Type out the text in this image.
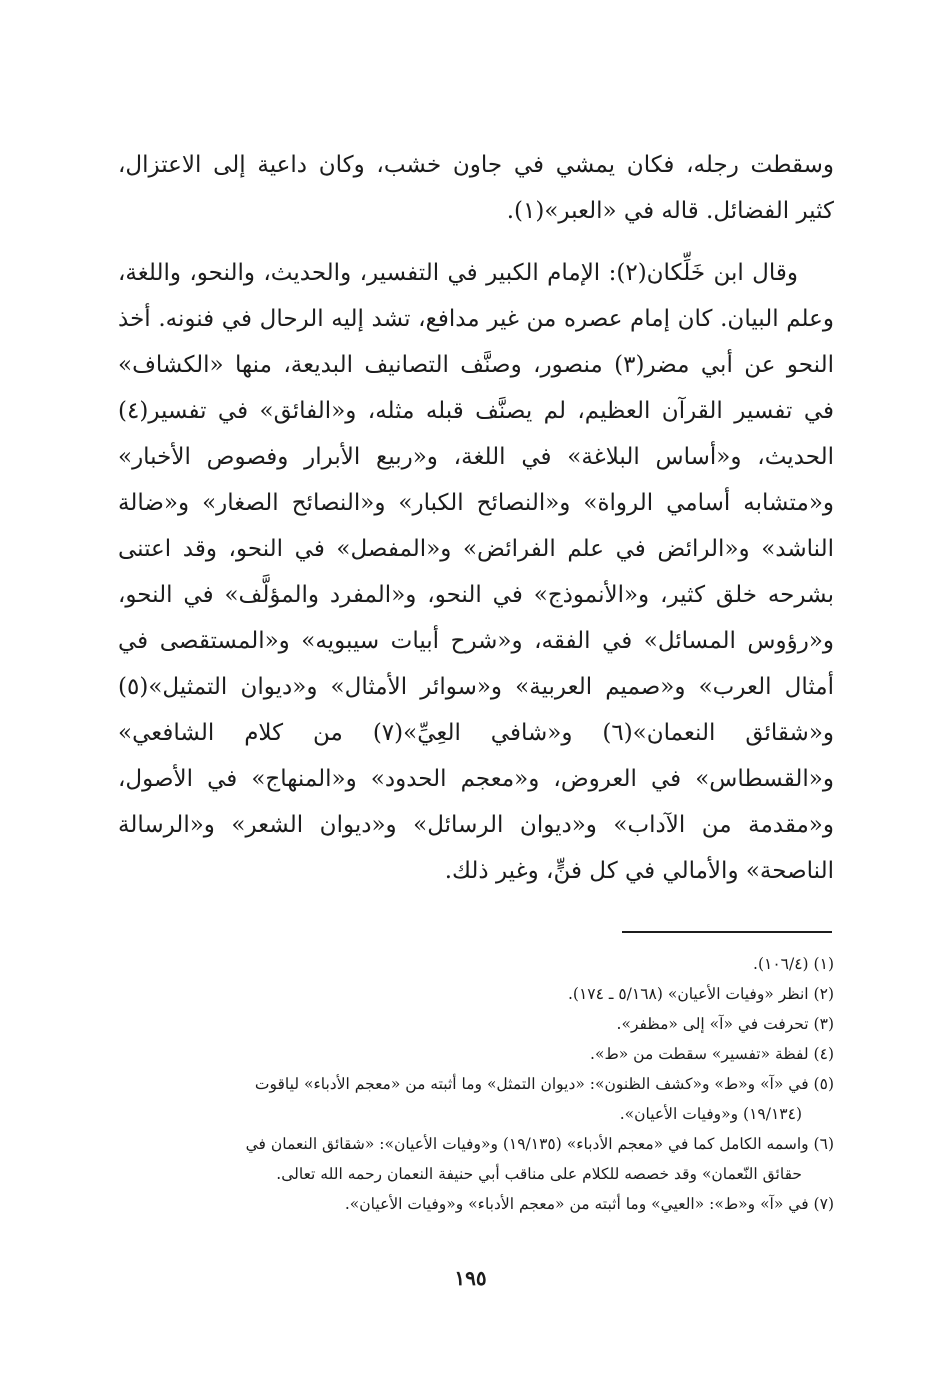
وسقطت رجله، فكان يمشي في جاون خشب، وكان داعية إلى الاعتزال، كثير الفضائل. قاله في «العبر»(١).

وقال ابن خَلِّكان(٢): الإمام الكبير في التفسير، والحديث، والنحو، واللغة، وعلم البيان. كان إمام عصره من غير مدافع، تشد إليه الرحال في فنونه. أخذ النحو عن أبي مضر(٣) منصور، وصنَّف التصانيف البديعة، منها «الكشاف» في تفسير القرآن العظيم، لم يصنَّف قبله مثله، و«الفائق» في تفسير(٤) الحديث، و«أساس البلاغة» في اللغة، و«ربيع الأبرار وفصوص الأخبار» و«متشابه أسامي الرواة» و«النصائح الكبار» و«النصائح الصغار» و«ضالة الناشد» و«الرائض في علم الفرائض» و«المفصل» في النحو، وقد اعتنى بشرحه خلق كثير، و«الأنموذج» في النحو، و«المفرد والمؤلَّف» في النحو، و«رؤوس المسائل» في الفقه، و«شرح أبيات سيبويه» و«المستقصى في أمثال العرب» و«صميم العربية» و«سوائر الأمثال» و«ديوان التمثيل»(٥) و«شقائق النعمان»(٦) و«شافي العِيِّ»(٧) من كلام الشافعي» و«القسطاس» في العروض، و«معجم الحدود» و«المنهاج» في الأصول، و«مقدمة من الآداب» و«ديوان الرسائل» و«ديوان الشعر» و«الرسالة الناصحة» والأمالي في كل فنٍّ، وغير ذلك.

(١) (١٠٦/٤).
(٢) انظر «وفيات الأعيان» (٥/١٦٨ ـ ١٧٤).
(٣) تحرفت في «آ» إلى «مظفر».
(٤) لفظة «تفسير» سقطت من «ط».
(٥) في «آ» و«ط» و«كشف الظنون»: «ديوان التمثل» وما أثبته من «معجم الأدباء» لياقوت
(١٩/١٣٤) و«وفيات الأعيان».
(٦) واسمه الكامل كما في «معجم الأدباء» (١٩/١٣٥) و«وفيات الأعيان»: «شقائق النعمان في
حقائق النّعمان» وقد خصصه للكلام على مناقب أبي حنيفة النعمان رحمه الله تعالى.
(٧) في «آ» و«ط»: «العيي» وما أثبته من «معجم الأدباء» و«وفيات الأعيان».
١٩٥
